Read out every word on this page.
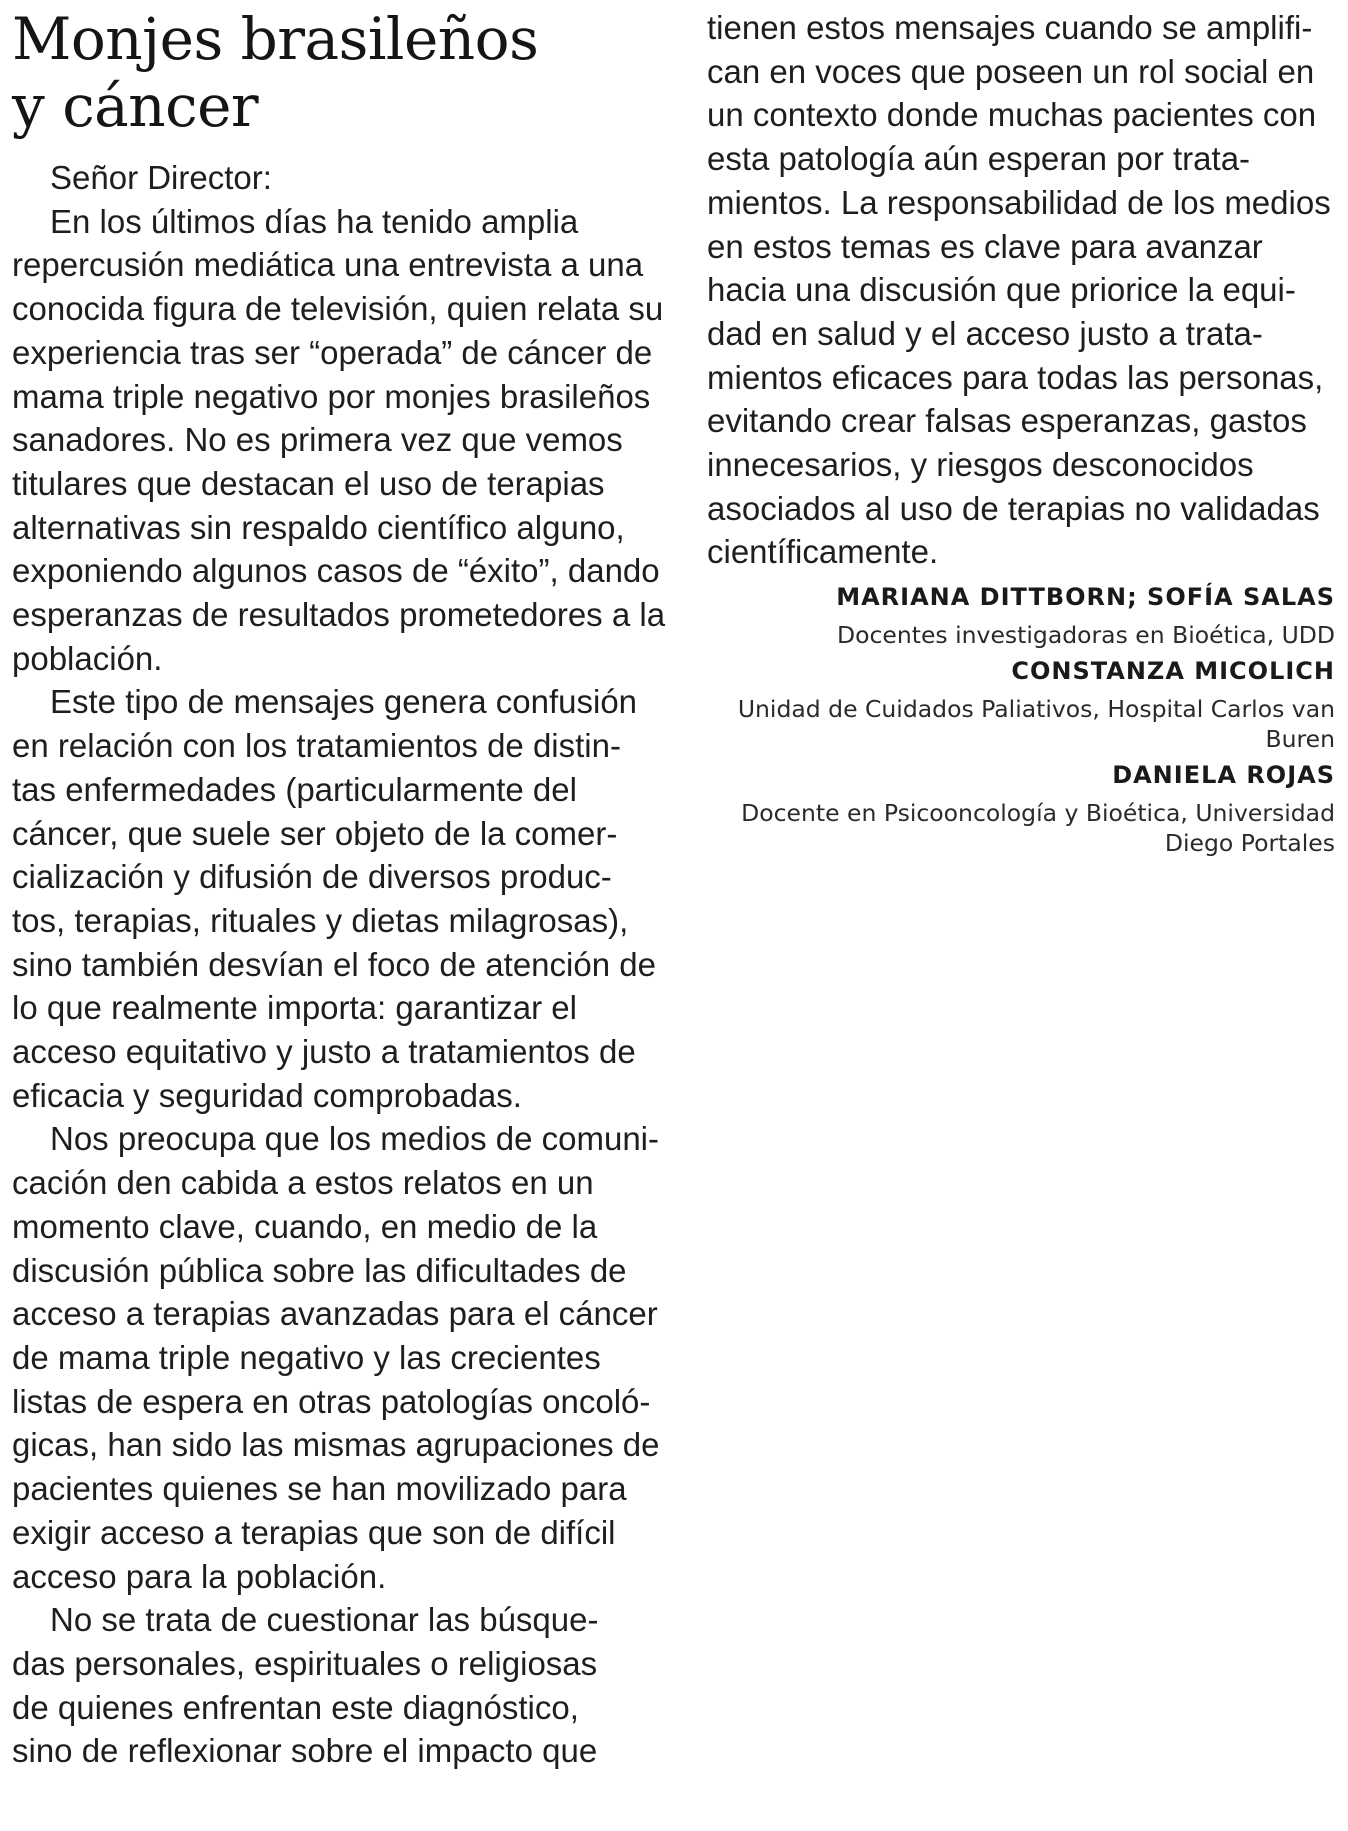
Monjes brasileños
y cáncer
Señor Director:
En los últimos días ha tenido amplia
repercusión mediática una entrevista a una
conocida figura de televisión, quien relata su
experiencia tras ser “operada” de cáncer de
mama triple negativo por monjes brasileños
sanadores. No es primera vez que vemos
titulares que destacan el uso de terapias
alternativas sin respaldo científico alguno,
exponiendo algunos casos de “éxito”, dando
esperanzas de resultados prometedores a la
población.
Este tipo de mensajes genera confusión
en relación con los tratamientos de distin-
tas enfermedades (particularmente del
cáncer, que suele ser objeto de la comer-
cialización y difusión de diversos produc-
tos, terapias, rituales y dietas milagrosas),
sino también desvían el foco de atención de
lo que realmente importa: garantizar el
acceso equitativo y justo a tratamientos de
eficacia y seguridad comprobadas.
Nos preocupa que los medios de comuni-
cación den cabida a estos relatos en un
momento clave, cuando, en medio de la
discusión pública sobre las dificultades de
acceso a terapias avanzadas para el cáncer
de mama triple negativo y las crecientes
listas de espera en otras patologías oncoló-
gicas, han sido las mismas agrupaciones de
pacientes quienes se han movilizado para
exigir acceso a terapias que son de difícil
acceso para la población.
No se trata de cuestionar las búsque-
das personales, espirituales o religiosas
de quienes enfrentan este diagnóstico,
sino de reflexionar sobre el impacto que
tienen estos mensajes cuando se amplifi-
can en voces que poseen un rol social en
un contexto donde muchas pacientes con
esta patología aún esperan por trata-
mientos. La responsabilidad de los medios
en estos temas es clave para avanzar
hacia una discusión que priorice la equi-
dad en salud y el acceso justo a trata-
mientos eficaces para todas las personas,
evitando crear falsas esperanzas, gastos
innecesarios, y riesgos desconocidos
asociados al uso de terapias no validadas
científicamente.
MARIANA DITTBORN; SOFÍA SALAS
Docentes investigadoras en Bioética, UDD
CONSTANZA MICOLICH
Unidad de Cuidados Paliativos, Hospital Carlos van
Buren
DANIELA ROJAS
Docente en Psicooncología y Bioética, Universidad
Diego Portales
